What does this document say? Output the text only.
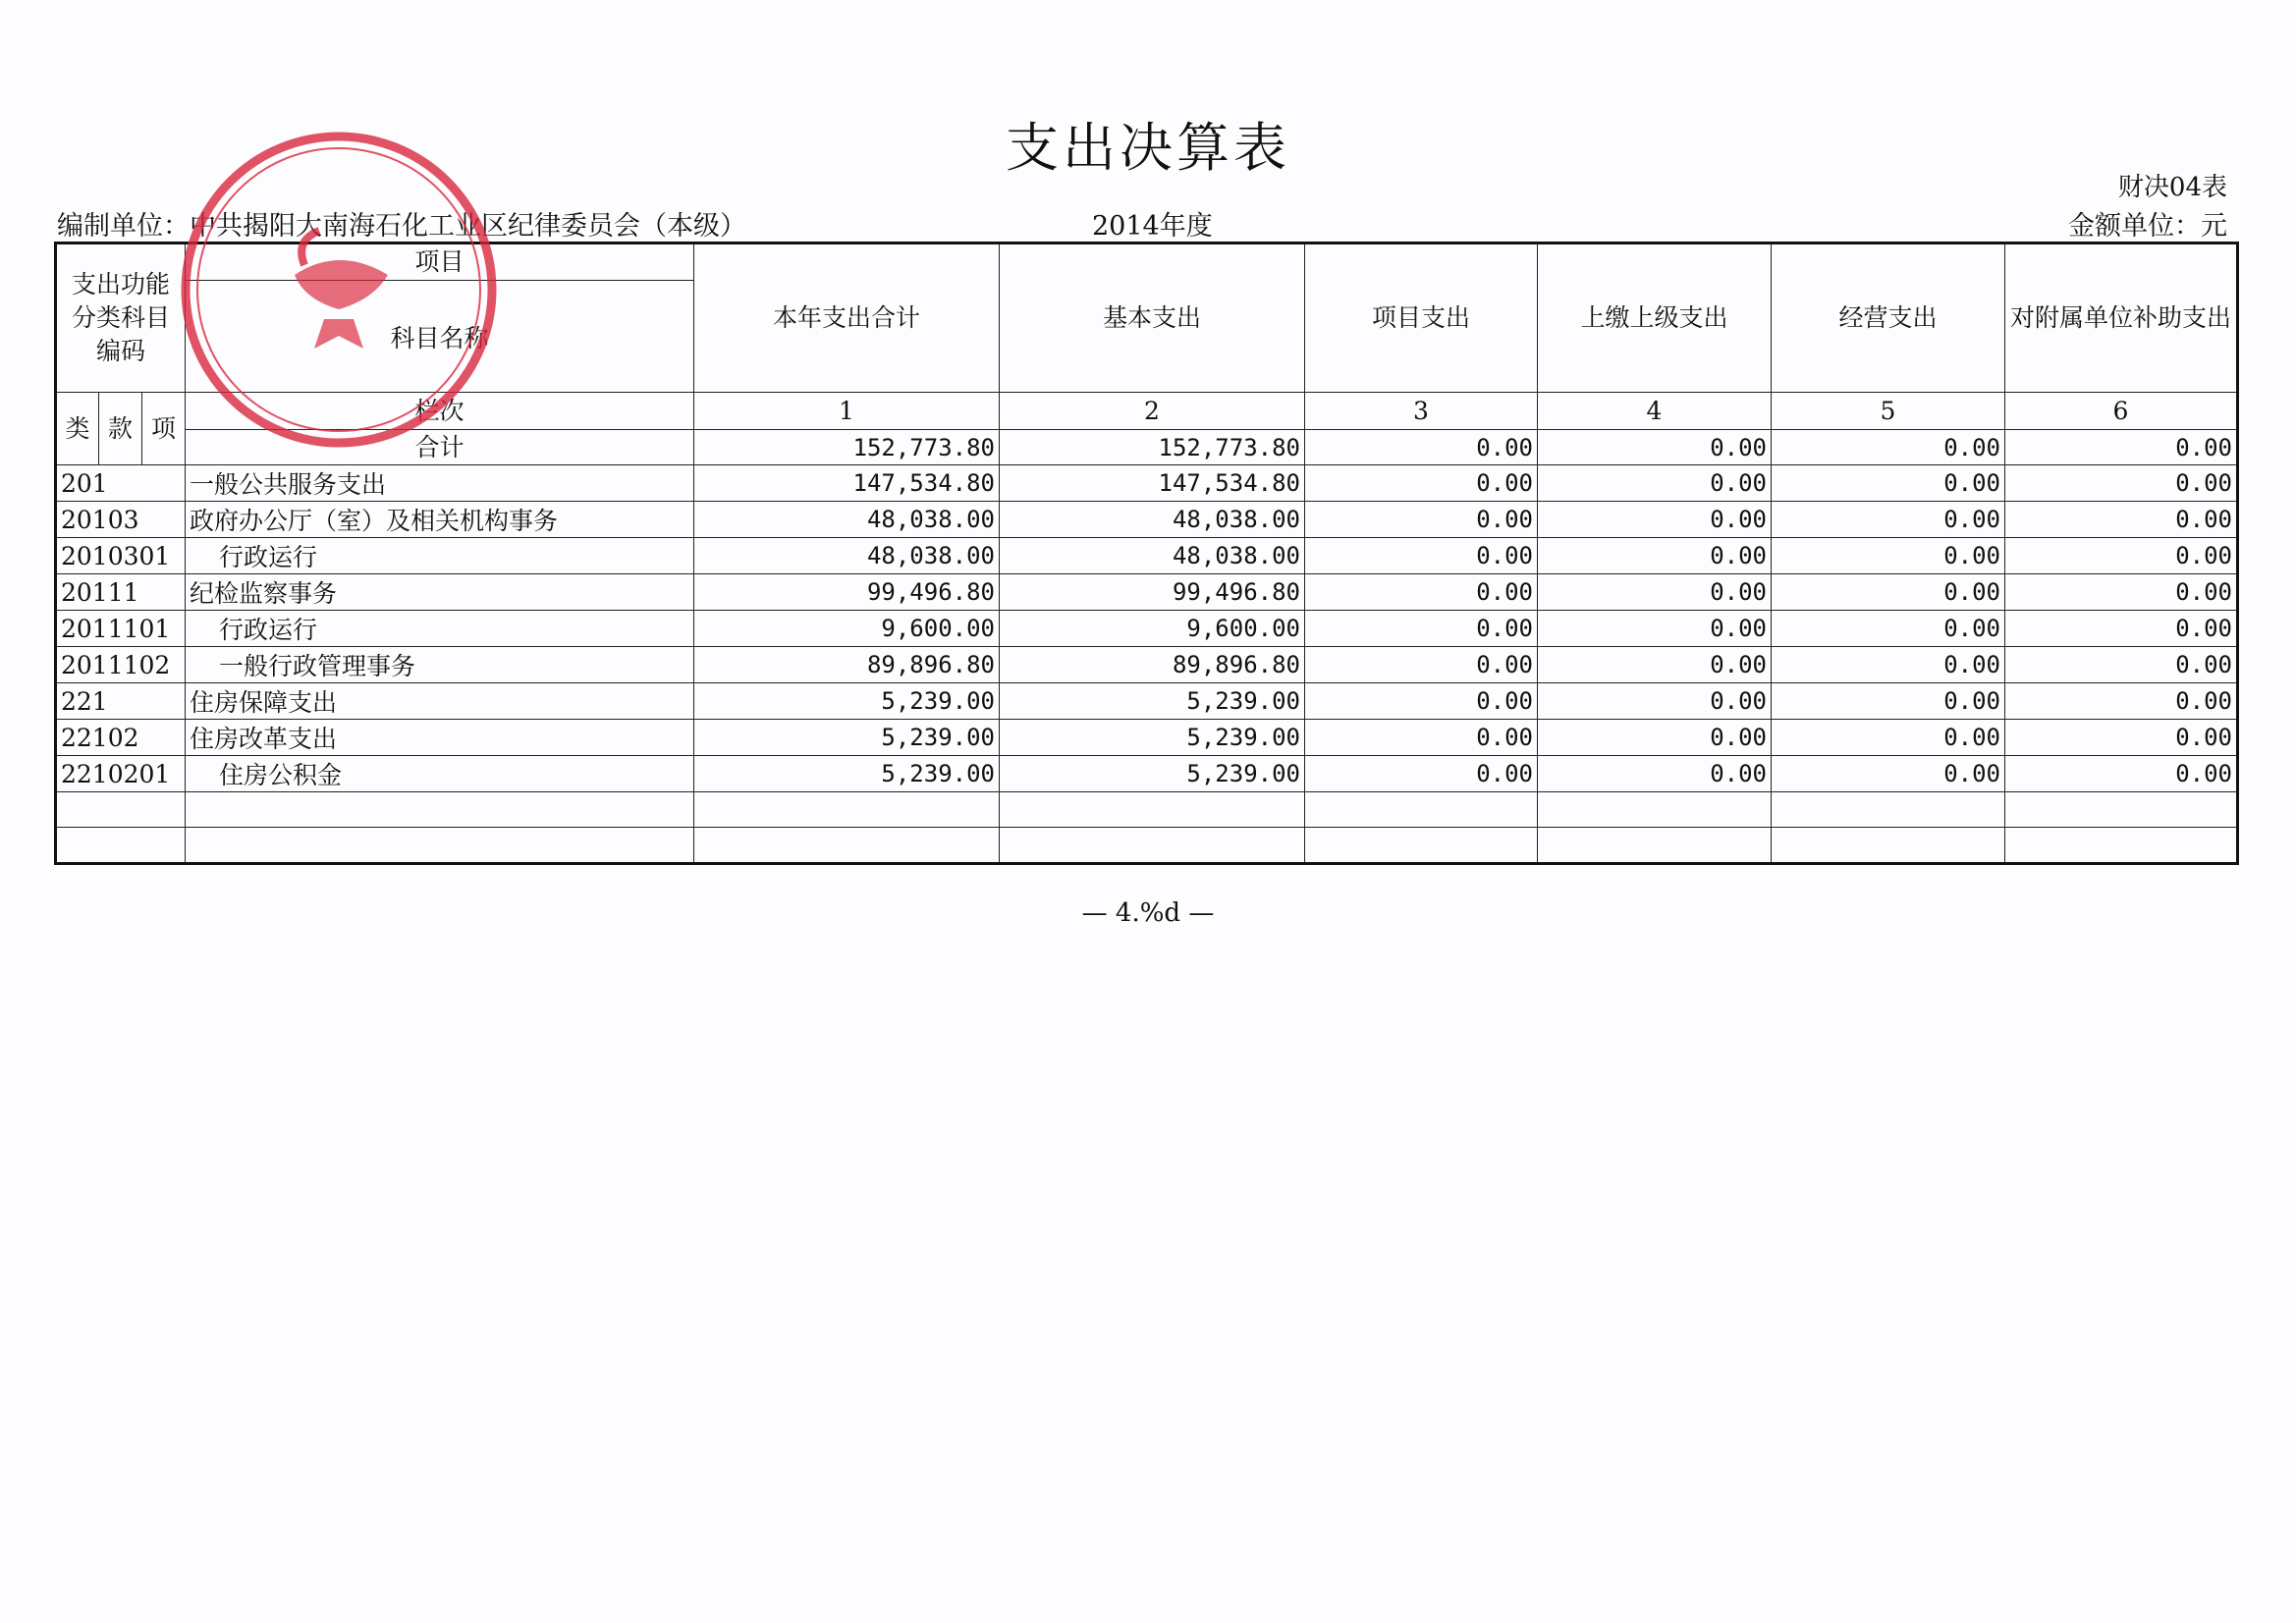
支出决算表
财决04表
编制单位：中共揭阳大南海石化工业区纪律委员会（本级）	2014年度	金额单位：元
支出功能分类科目编码			项目
科目名称	本年支出合计	基本支出	项目支出	上缴上级支出	经营支出	对附属单位补助支出
类	款	项	栏次	1	2	3	4	5	6
			合计	152,773.80	152,773.80	0.00	0.00	0.00	0.00
201			一般公共服务支出	147,534.80	147,534.80	0.00	0.00	0.00	0.00
20103			政府办公厅（室）及相关机构事务	48,038.00	48,038.00	0.00	0.00	0.00	0.00
2010301			行政运行	48,038.00	48,038.00	0.00	0.00	0.00	0.00
20111			纪检监察事务	99,496.80	99,496.80	0.00	0.00	0.00	0.00
2011101			行政运行	9,600.00	9,600.00	0.00	0.00	0.00	0.00
2011102			一般行政管理事务	89,896.80	89,896.80	0.00	0.00	0.00	0.00
221			住房保障支出	5,239.00	5,239.00	0.00	0.00	0.00	0.00
22102			住房改革支出	5,239.00	5,239.00	0.00	0.00	0.00	0.00
2210201			住房公积金	5,239.00	5,239.00	0.00	0.00	0.00	0.00

— 4.%d —
